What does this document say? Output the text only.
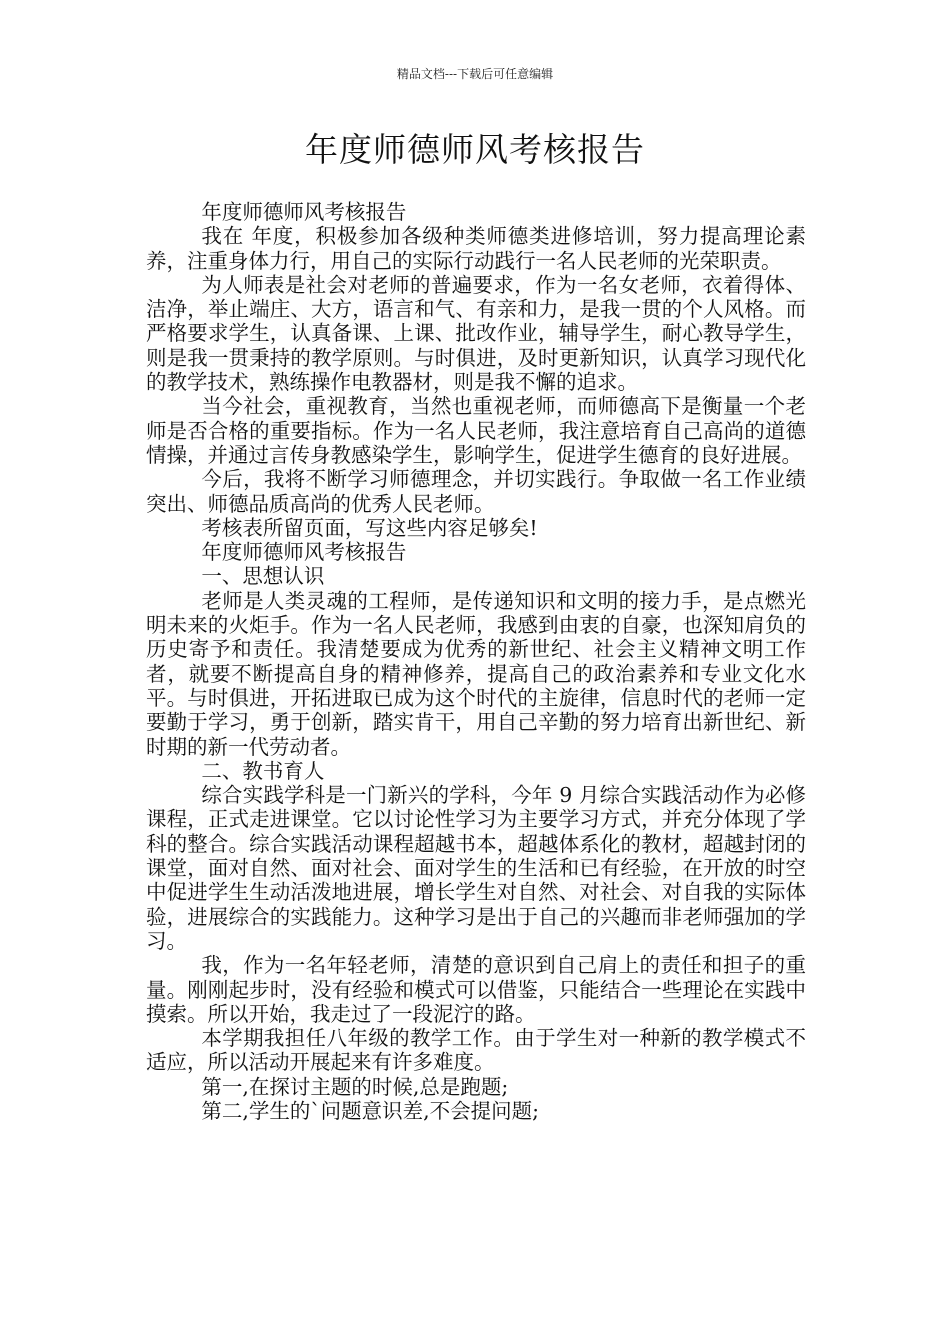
精品文档---下载后可任意编辑
年度师德师风考核报告

年度师德师风考核报告

我在 年度，积极参加各级种类师德类进修培训，努力提高理论素养，注重身体力行，用自己的实际行动践行一名人民老师的光荣职责。

为人师表是社会对老师的普遍要求，作为一名女老师，衣着得体、洁净，举止端庄、大方，语言和气、有亲和力，是我一贯的个人风格。而严格要求学生，认真备课、上课、批改作业，辅导学生，耐心教导学生，则是我一贯秉持的教学原则。与时俱进，及时更新知识，认真学习现代化的教学技术，熟练操作电教器材，则是我不懈的追求。

当今社会，重视教育，当然也重视老师，而师德高下是衡量一个老师是否合格的重要指标。作为一名人民老师，我注意培育自己高尚的道德情操，并通过言传身教感染学生，影响学生，促进学生德育的良好进展。

今后，我将不断学习师德理念，并切实践行。争取做一名工作业绩突出、师德品质高尚的优秀人民老师。

考核表所留页面，写这些内容足够矣!

年度师德师风考核报告

一、思想认识

老师是人类灵魂的工程师，是传递知识和文明的接力手，是点燃光明未来的火炬手。作为一名人民老师，我感到由衷的自豪，也深知肩负的历史寄予和责任。我清楚要成为优秀的新世纪、社会主义精神文明工作者，就要不断提高自身的精神修养，提高自己的政治素养和专业文化水平。与时俱进，开拓进取已成为这个时代的主旋律，信息时代的老师一定要勤于学习，勇于创新，踏实肯干，用自己辛勤的努力培育出新世纪、新时期的新一代劳动者。

二、教书育人

综合实践学科是一门新兴的学科，今年 9 月综合实践活动作为必修课程，正式走进课堂。它以讨论性学习为主要学习方式，并充分体现了学科的整合。综合实践活动课程超越书本，超越体系化的教材，超越封闭的课堂，面对自然、面对社会、面对学生的生活和已有经验，在开放的时空中促进学生生动活泼地进展，增长学生对自然、对社会、对自我的实际体验，进展综合的实践能力。这种学习是出于自己的兴趣而非老师强加的学习。

我，作为一名年轻老师，清楚的意识到自己肩上的责任和担子的重量。刚刚起步时，没有经验和模式可以借鉴，只能结合一些理论在实践中摸索。所以开始，我走过了一段泥泞的路。

本学期我担任八年级的教学工作。由于学生对一种新的教学模式不适应，所以活动开展起来有许多难度。

第一,在探讨主题的时候,总是跑题;

第二,学生的`问题意识差,不会提问题;
